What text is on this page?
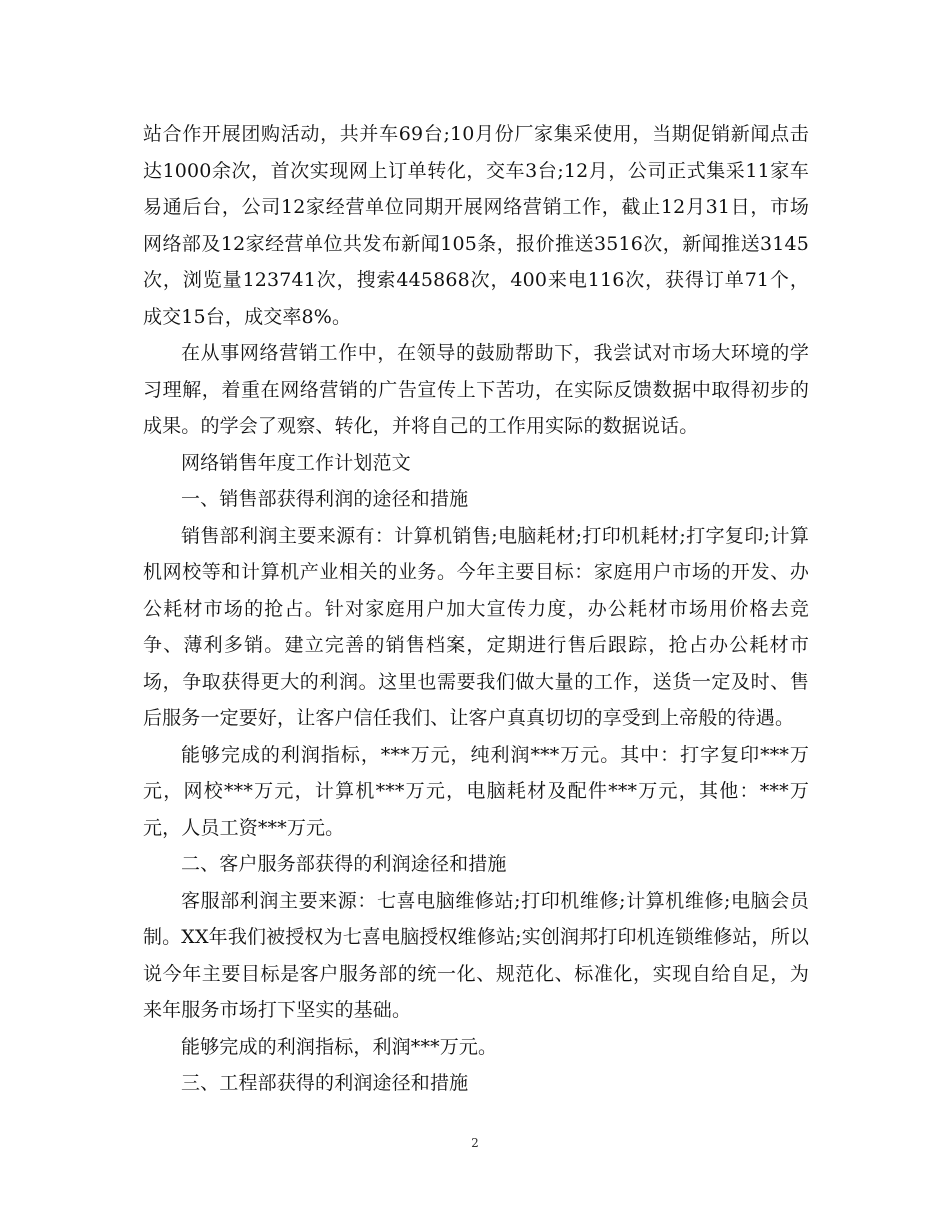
站合作开展团购活动，共并车69台;10月份厂家集采使用，当期促销新闻点击达1000余次，首次实现网上订单转化，交车3台;12月，公司正式集采11家车易通后台，公司12家经营单位同期开展网络营销工作，截止12月31日，市场网络部及12家经营单位共发布新闻105条，报价推送3516次，新闻推送3145次，浏览量123741次，搜索445868次，400来电116次，获得订单71个，成交15台，成交率8%。

在从事网络营销工作中，在领导的鼓励帮助下，我尝试对市场大环境的学习理解，着重在网络营销的广告宣传上下苦功，在实际反馈数据中取得初步的成果。的学会了观察、转化，并将自己的工作用实际的数据说话。

网络销售年度工作计划范文

一、销售部获得利润的途径和措施

销售部利润主要来源有：计算机销售;电脑耗材;打印机耗材;打字复印;计算机网校等和计算机产业相关的业务。今年主要目标：家庭用户市场的开发、办公耗材市场的抢占。针对家庭用户加大宣传力度，办公耗材市场用价格去竞争、薄利多销。建立完善的销售档案，定期进行售后跟踪，抢占办公耗材市场，争取获得更大的利润。这里也需要我们做大量的工作，送货一定及时、售后服务一定要好，让客户信任我们、让客户真真切切的享受到上帝般的待遇。

能够完成的利润指标，***万元，纯利润***万元。其中：打字复印***万元，网校***万元，计算机***万元，电脑耗材及配件***万元，其他：***万元，人员工资***万元。

二、客户服务部获得的利润途径和措施

客服部利润主要来源：七喜电脑维修站;打印机维修;计算机维修;电脑会员制。XX年我们被授权为七喜电脑授权维修站;实创润邦打印机连锁维修站，所以说今年主要目标是客户服务部的统一化、规范化、标准化，实现自给自足，为来年服务市场打下坚实的基础。

能够完成的利润指标，利润***万元。

三、工程部获得的利润途径和措施

2
